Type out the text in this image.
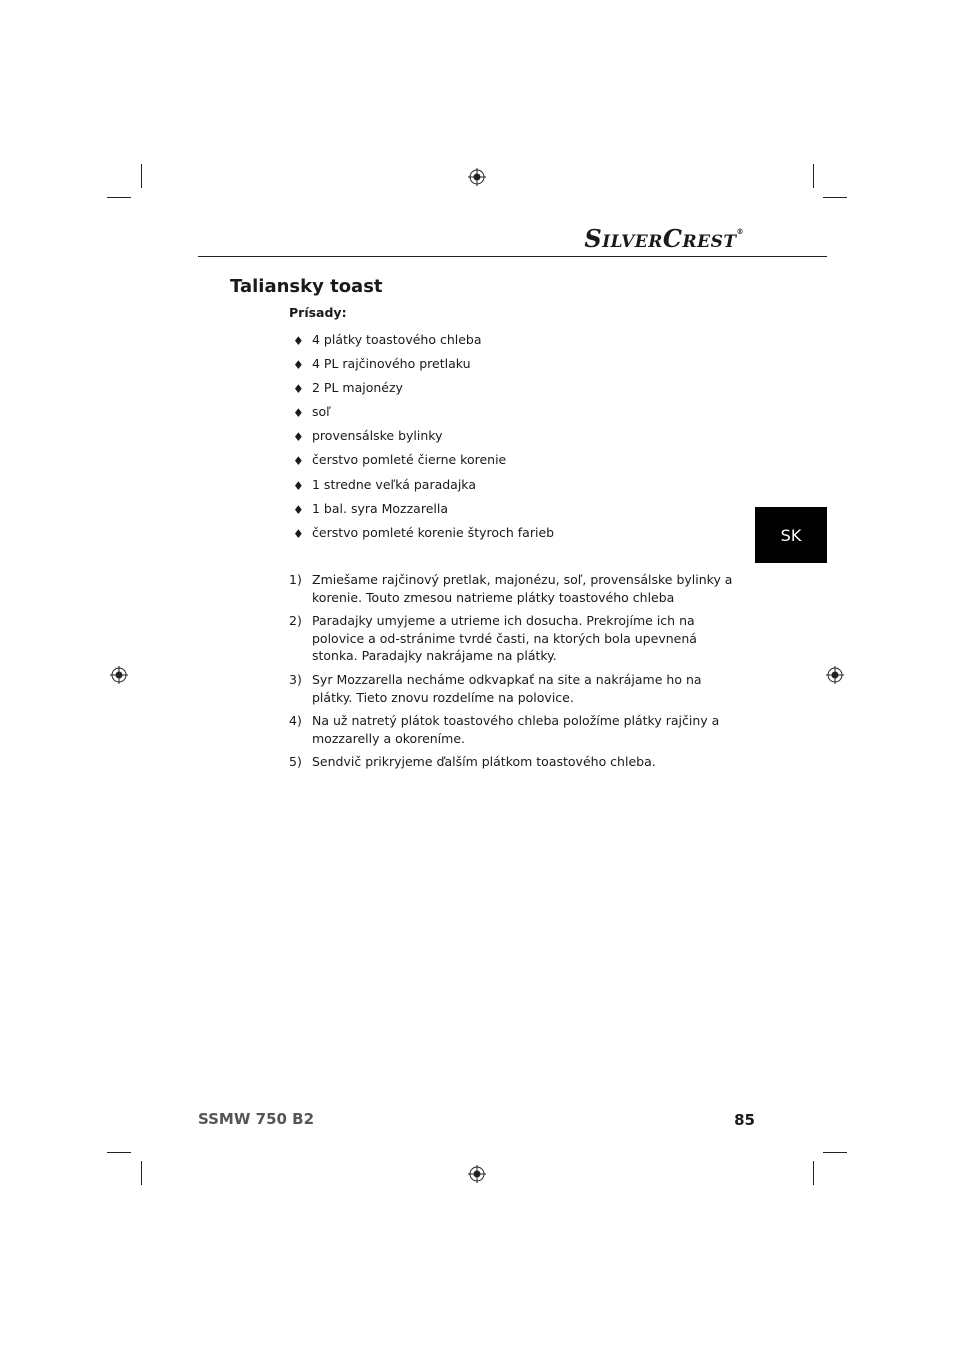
SILVERCREST®
Taliansky toast
Prísady:
♦ 4 plátky toastového chleba
♦ 4 PL rajčinového pretlaku
♦ 2 PL majonézy
♦ soľ
♦ provensálske bylinky
♦ čerstvo pomleté čierne korenie
♦ 1 stredne veľká paradajka
♦ 1 bal. syra Mozzarella
♦ čerstvo pomleté korenie štyroch farieb
1) Zmiešame rajčinový pretlak, majonézu, soľ, provensálske bylinky a korenie. Touto zmesou natrieme plátky toastového chleba
2) Paradajky umyjeme a utrieme ich dosucha. Prekrojíme ich na polovice a od-stránime tvrdé časti, na ktorých bola upevnená stonka. Paradajky nakrájame na plátky.
3) Syr Mozzarella necháme odkvapkať na site a nakrájame ho na plátky. Tieto znovu rozdelíme na polovice.
4) Na už natretý plátok toastového chleba položíme plátky rajčiny a mozzarelly a okoreníme.
5) Sendvič prikryjeme ďalším plátkom toastového chleba.
SK
SSMW 750 B2	85
